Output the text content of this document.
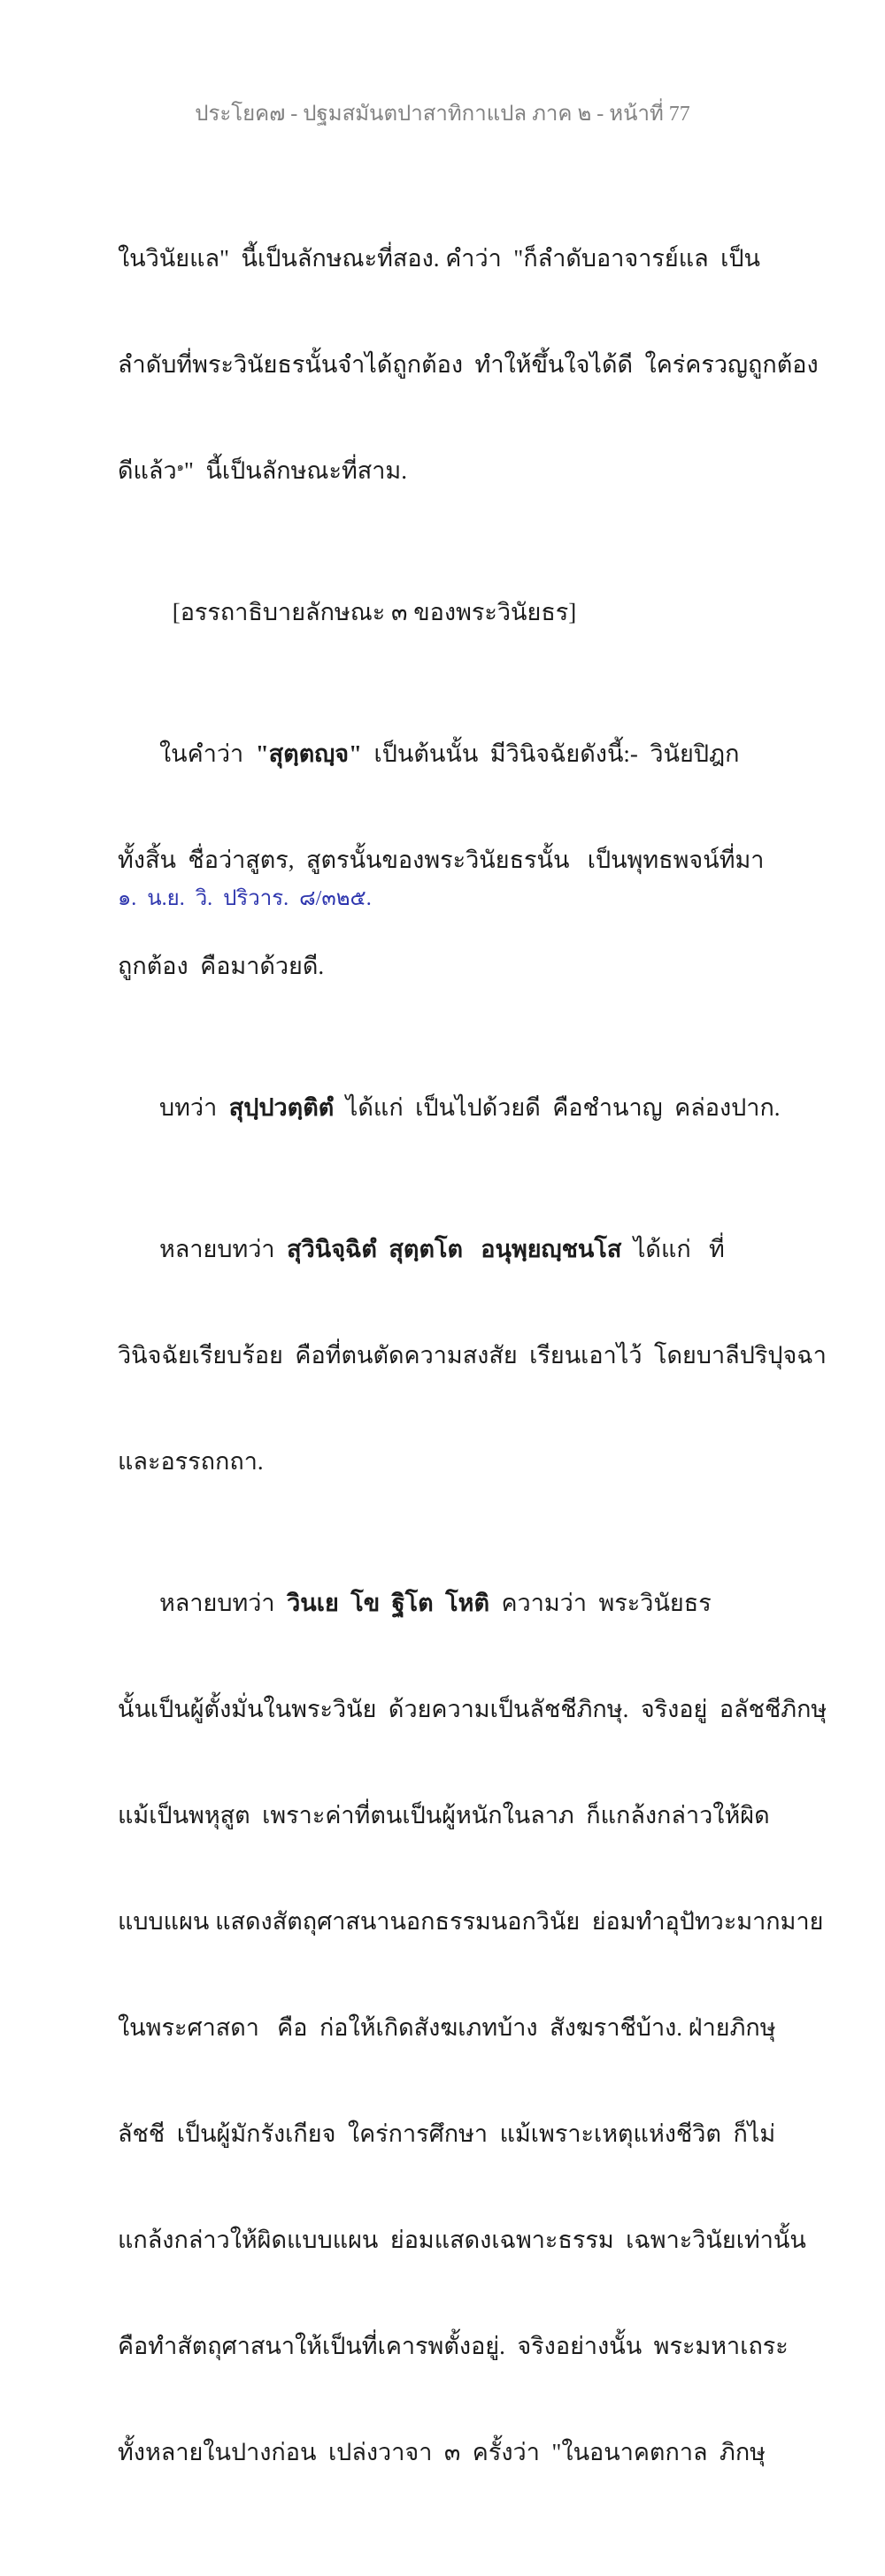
ประโยค๗ - ปฐมสมันตปาสาทิกาแปล ภาค ๒ - หน้าที่ 77

ในวินัยแล"  นี้เป็นลักษณะที่สอง. คำว่า  "ก็ลำดับอาจารย์แล  เป็น

ลำดับที่พระวินัยธรนั้นจำได้ถูกต้อง  ทำให้ขึ้นใจได้ดี  ใคร่ครวญถูกต้อง

ดีแล้ว$^๑$"  นี้เป็นลักษณะที่สาม.

[อรรถาธิบายลักษณะ ๓ ของพระวินัยธร]

ในคำว่า  "สุตฺตญฺจ"  เป็นต้นนั้น  มีวินิจฉัยดังนี้:-  วินัยปิฎก

ทั้งสิ้น  ชื่อว่าสูตร,  สูตรนั้นของพระวินัยธรนั้น   เป็นพุทธพจน์ที่มา

ถูกต้อง  คือมาด้วยดี.

บทว่า  สุปฺปวตฺติตํ  ได้แก่  เป็นไปด้วยดี  คือชำนาญ  คล่องปาก.

หลายบทว่า  สุวินิจฺฉิตํ  สุตฺตโต   อนุพฺยญฺชนโส  ได้แก่   ที่

วินิจฉัยเรียบร้อย  คือที่ตนตัดความสงสัย  เรียนเอาไว้  โดยบาลีปริปุจฉา

และอรรถกถา.

หลายบทว่า  วินเย  โข  ฐิโต  โหติ  ความว่า  พระวินัยธร

นั้นเป็นผู้ตั้งมั่นในพระวินัย  ด้วยความเป็นลัชชีภิกษุ.  จริงอยู่  อลัชชีภิกษุ

แม้เป็นพหุสูต  เพราะค่าที่ตนเป็นผู้หนักในลาภ  ก็แกล้งกล่าวให้ผิด

แบบแผน แสดงสัตถุศาสนานอกธรรมนอกวินัย  ย่อมทำอุปัทวะมากมาย

ในพระศาสดา   คือ  ก่อให้เกิดสังฆเภทบ้าง  สังฆราชีบ้าง. ฝ่ายภิกษุ

ลัชชี  เป็นผู้มักรังเกียจ  ใคร่การศึกษา  แม้เพราะเหตุแห่งชีวิต  ก็ไม่

แกล้งกล่าวให้ผิดแบบแผน  ย่อมแสดงเฉพาะธรรม  เฉพาะวินัยเท่านั้น

คือทำสัตถุศาสนาให้เป็นที่เคารพตั้งอยู่.  จริงอย่างนั้น  พระมหาเถระ

ทั้งหลายในปางก่อน  เปล่งวาจา  ๓  ครั้งว่า  "ในอนาคตกาล  ภิกษุ

๑.  น.ย.  วิ.  ปริวาร.  ๘/๓๒๕.
